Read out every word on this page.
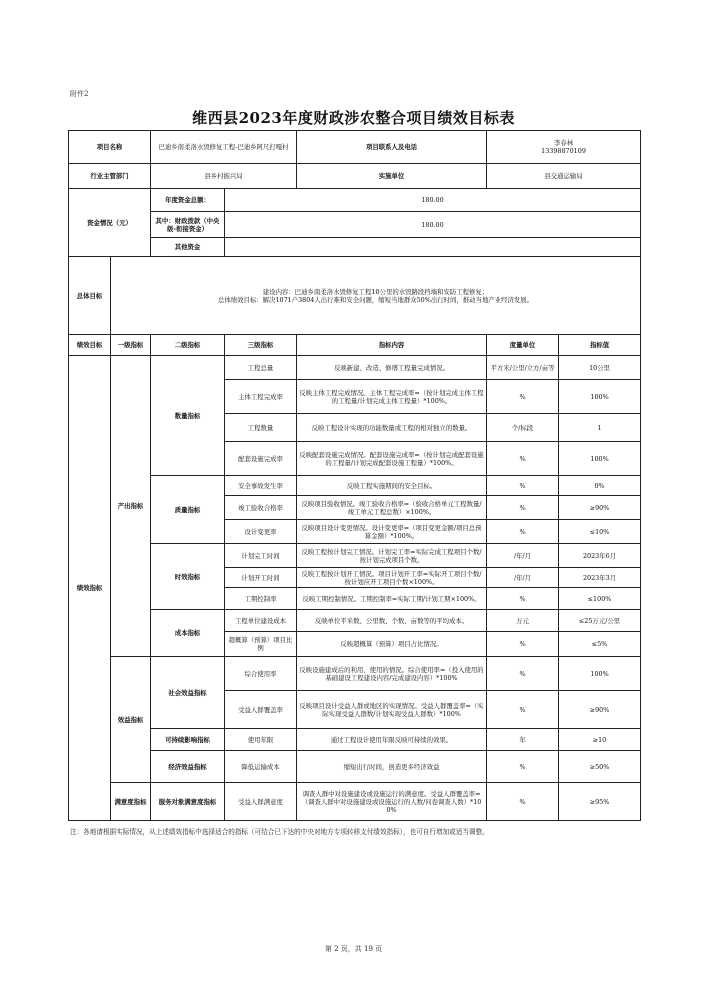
附件2
维西县2023年度财政涉农整合项目绩效目标表
项目名称		巴迪乡南柔洛水毁修复工程-巴迪乡阿尺打嘎村		项目联系人及电话	李春林
13398870109	

行业主管部门		县乡村振兴局		实施单位	县交通运输局	
资金情况（元）		年度资金总额：	180.00			
		其中：财政拨款（中央级-衔接资金）	180.00			
		其他资金				
总体目标	建设内容：巴迪乡南柔洛水毁修复工程10公里的水毁路段挡墙和安防工程修复；
总体绩效目标：解决1071户3804人出行难和安全问题，缩短当地群众50%出行时间，推动当地产业经济发展。					

绩效目标	一级指标	二级指标	三级指标	指标内容	度量单位	指标值
绩效指标	产出指标	数量指标	工程总量	反映新建、改造、修缮工程量完成情况。	平方米/公里/立方/亩等	10公里
			主体工程完成率	反映主体工程完成情况。主体工程完成率=（按计划完成主体工程的工程量/计划完成主体工程量）*100%。	%	100%
			工程数量	反映工程设计实现的功能数量或工程的相对独立的数量。	个/标段	1
			配套设施完成率	反映配套设施完成情况。配套设施完成率=（按计划完成配套设施的工程量/计划完成配套设施工程量）*100%。	%	100%
		质量指标	安全事故发生率	反映工程实施期间的安全目标。	%	0%
			竣工验收合格率	反映项目验收情况。竣工验收合格率=（验收合格单元工程数量/竣工单元工程总数）×100%。	%	≥90%
			设计变更率	反映项目设计变更情况。设计变更率=（项目变更金额/项目总预算金额）*100%。	%	≤10%
		时效指标	计划完工时间	反映工程按计划完工情况。计划完工率=实际完成工程项目个数/按计划完成项目个数。	/年/月	2023年6月
			计划开工时间	反映工程按计划开工情况。项目计划开工率=实际开工项目个数/按计划应开工项目个数×100%。	/年/月	2023年3月
			工期控制率	反映工期控制情况。工期控制率=实际工期/计划工期×100%。	%	≤100%
		成本指标	工程单位建设成本	反映单位平米数、公里数、个数、亩数等的平均成本。	万元	≤25万元/公里
			超概算（预算）项目比例	反映超概算（预算）项目占比情况。	%	≤5%
	效益指标	社会效益指标	综合使用率	反映设施建成后的利用、使用的情况。综合使用率=（投入使用的基础建设工程建设内容/完成建设内容）*100%	%	100%
			受益人群覆盖率	反映项目设计受益人群或地区的实现情况。受益人群覆盖率=（实际实现受益人群数/计划实现受益人群数）*100%	%	≥90%
		可持续影响指标	使用年限	通过工程设计使用年限反映可持续的效果。	年	≥10
		经济效益指标	降低运输成本	缩短出行时间，创造更多经济效益	%	≥50%
	满意度指标	服务对象满意度指标	受益人群满意度	调查人群中对设施建设或设施运行的满意度。受益人群覆盖率=（调查人群中对设施建设或设施运行的人数/问卷调查人数）*100%	%	≥95%
注：各地请根据实际情况，从上述绩效指标中选择适合的指标（可结合已下达的中央对地方专项转移支付绩效指标），也可自行增加或适当调整。
第 2 页，共 19 页
